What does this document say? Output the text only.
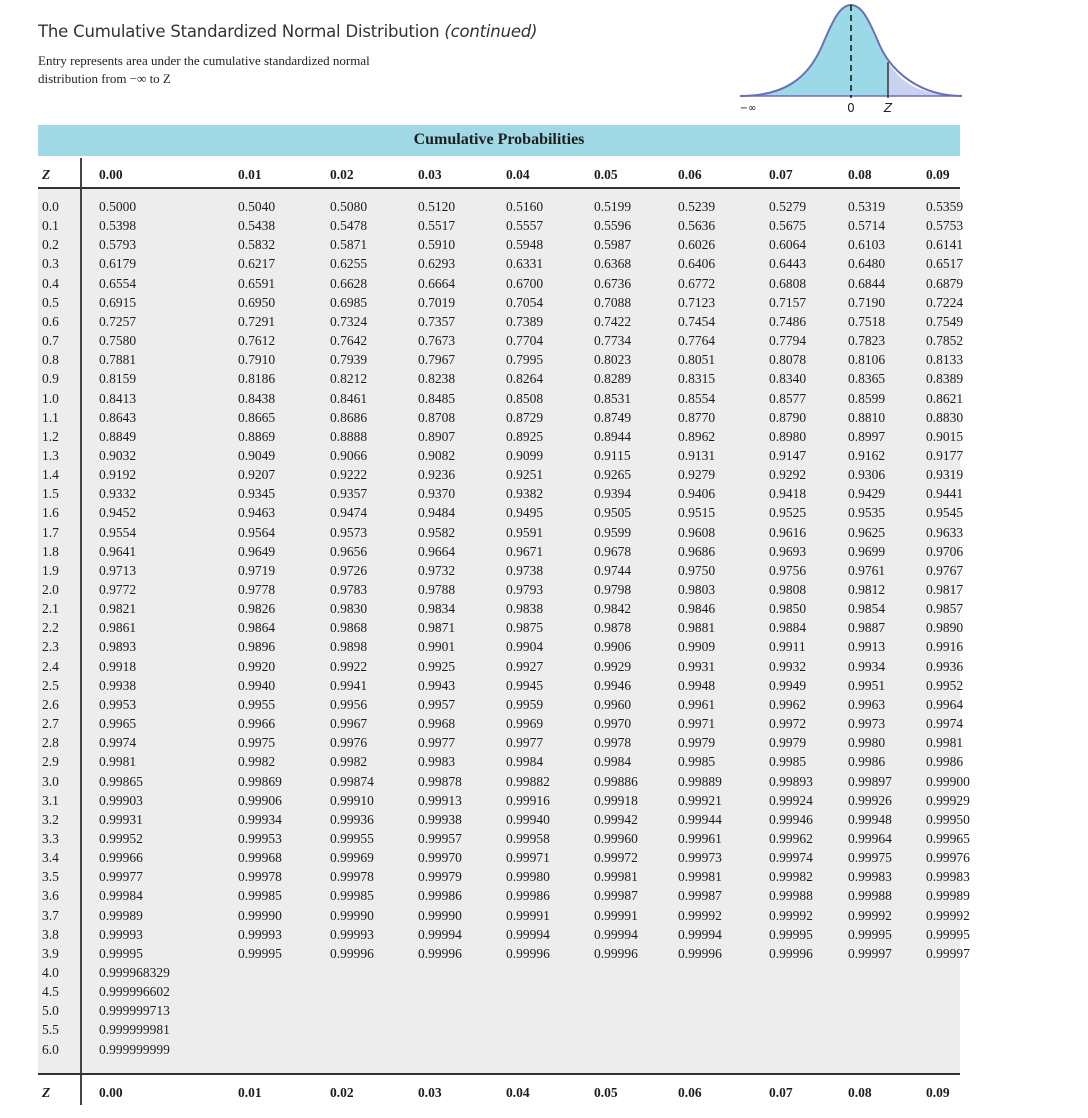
The Cumulative Standardized Normal Distribution (continued)
Entry represents area under the cumulative standardized normal distribution from −∞ to Z
−∞	0 Z
Cumulative Probabilities
Z	0.00	0.01	0.02	0.03	0.04	0.05	0.06	0.07	0.08	0.09
0.0	0.5000	0.5040	0.5080	0.5120	0.5160	0.5199	0.5239	0.5279	0.5319	0.5359
0.1	0.5398	0.5438	0.5478	0.5517	0.5557	0.5596	0.5636	0.5675	0.5714	0.5753
0.2	0.5793	0.5832	0.5871	0.5910	0.5948	0.5987	0.6026	0.6064	0.6103	0.6141
0.3	0.6179	0.6217	0.6255	0.6293	0.6331	0.6368	0.6406	0.6443	0.6480	0.6517
0.4	0.6554	0.6591	0.6628	0.6664	0.6700	0.6736	0.6772	0.6808	0.6844	0.6879
0.5	0.6915	0.6950	0.6985	0.7019	0.7054	0.7088	0.7123	0.7157	0.7190	0.7224
0.6	0.7257	0.7291	0.7324	0.7357	0.7389	0.7422	0.7454	0.7486	0.7518	0.7549
0.7	0.7580	0.7612	0.7642	0.7673	0.7704	0.7734	0.7764	0.7794	0.7823	0.7852
0.8	0.7881	0.7910	0.7939	0.7967	0.7995	0.8023	0.8051	0.8078	0.8106	0.8133
0.9	0.8159	0.8186	0.8212	0.8238	0.8264	0.8289	0.8315	0.8340	0.8365	0.8389
1.0	0.8413	0.8438	0.8461	0.8485	0.8508	0.8531	0.8554	0.8577	0.8599	0.8621
1.1	0.8643	0.8665	0.8686	0.8708	0.8729	0.8749	0.8770	0.8790	0.8810	0.8830
1.2	0.8849	0.8869	0.8888	0.8907	0.8925	0.8944	0.8962	0.8980	0.8997	0.9015
1.3	0.9032	0.9049	0.9066	0.9082	0.9099	0.9115	0.9131	0.9147	0.9162	0.9177
1.4	0.9192	0.9207	0.9222	0.9236	0.9251	0.9265	0.9279	0.9292	0.9306	0.9319
1.5	0.9332	0.9345	0.9357	0.9370	0.9382	0.9394	0.9406	0.9418	0.9429	0.9441
1.6	0.9452	0.9463	0.9474	0.9484	0.9495	0.9505	0.9515	0.9525	0.9535	0.9545
1.7	0.9554	0.9564	0.9573	0.9582	0.9591	0.9599	0.9608	0.9616	0.9625	0.9633
1.8	0.9641	0.9649	0.9656	0.9664	0.9671	0.9678	0.9686	0.9693	0.9699	0.9706
1.9	0.9713	0.9719	0.9726	0.9732	0.9738	0.9744	0.9750	0.9756	0.9761	0.9767
2.0	0.9772	0.9778	0.9783	0.9788	0.9793	0.9798	0.9803	0.9808	0.9812	0.9817
2.1	0.9821	0.9826	0.9830	0.9834	0.9838	0.9842	0.9846	0.9850	0.9854	0.9857
2.2	0.9861	0.9864	0.9868	0.9871	0.9875	0.9878	0.9881	0.9884	0.9887	0.9890
2.3	0.9893	0.9896	0.9898	0.9901	0.9904	0.9906	0.9909	0.9911	0.9913	0.9916
2.4	0.9918	0.9920	0.9922	0.9925	0.9927	0.9929	0.9931	0.9932	0.9934	0.9936
2.5	0.9938	0.9940	0.9941	0.9943	0.9945	0.9946	0.9948	0.9949	0.9951	0.9952
2.6	0.9953	0.9955	0.9956	0.9957	0.9959	0.9960	0.9961	0.9962	0.9963	0.9964
2.7	0.9965	0.9966	0.9967	0.9968	0.9969	0.9970	0.9971	0.9972	0.9973	0.9974
2.8	0.9974	0.9975	0.9976	0.9977	0.9977	0.9978	0.9979	0.9979	0.9980	0.9981
2.9	0.9981	0.9982	0.9982	0.9983	0.9984	0.9984	0.9985	0.9985	0.9986	0.9986
3.0	0.99865	0.99869	0.99874	0.99878	0.99882	0.99886	0.99889	0.99893	0.99897	0.99900
3.1	0.99903	0.99906	0.99910	0.99913	0.99916	0.99918	0.99921	0.99924	0.99926	0.99929
3.2	0.99931	0.99934	0.99936	0.99938	0.99940	0.99942	0.99944	0.99946	0.99948	0.99950
3.3	0.99952	0.99953	0.99955	0.99957	0.99958	0.99960	0.99961	0.99962	0.99964	0.99965
3.4	0.99966	0.99968	0.99969	0.99970	0.99971	0.99972	0.99973	0.99974	0.99975	0.99976
3.5	0.99977	0.99978	0.99978	0.99979	0.99980	0.99981	0.99981	0.99982	0.99983	0.99983
3.6	0.99984	0.99985	0.99985	0.99986	0.99986	0.99987	0.99987	0.99988	0.99988	0.99989
3.7	0.99989	0.99990	0.99990	0.99990	0.99991	0.99991	0.99992	0.99992	0.99992	0.99992
3.8	0.99993	0.99993	0.99993	0.99994	0.99994	0.99994	0.99994	0.99995	0.99995	0.99995
3.9	0.99995	0.99995	0.99996	0.99996	0.99996	0.99996	0.99996	0.99996	0.99997	0.99997
4.0	0.999968329
4.5	0.999996602
5.0	0.999999713
5.5	0.999999981
6.0	0.999999999
Z	0.00	0.01	0.02	0.03	0.04	0.05	0.06	0.07	0.08	0.09
